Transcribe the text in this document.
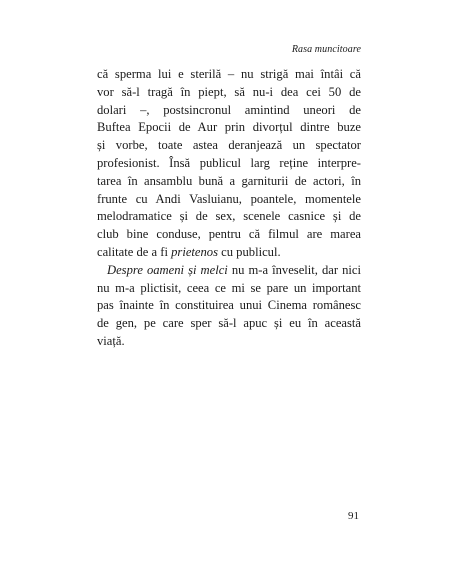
Rasa muncitoare

că sperma lui e sterilă – nu strigă mai întâi că
vor să-l tragă în piept, să nu-i dea cei 50 de
dolari –, postsincronul amintind uneori de
Buftea Epocii de Aur prin divorțul dintre buze
și vorbe, toate astea deranjează un spectator
profesionist. Însă publicul larg reține interpre-
tarea în ansamblu bună a garniturii de actori, în
frunte cu Andi Vasluianu, poantele, momentele
melodramatice și de sex, scenele casnice și de
club bine conduse, pentru că filmul are marea
calitate de a fi prietenos cu publicul.

Despre oameni și melci nu m-a înveselit, dar nici
nu m-a plictisit, ceea ce mi se pare un important
pas înainte în constituirea unui Cinema românesc
de gen, pe care sper să-l apuc și eu în această
viață.

91
